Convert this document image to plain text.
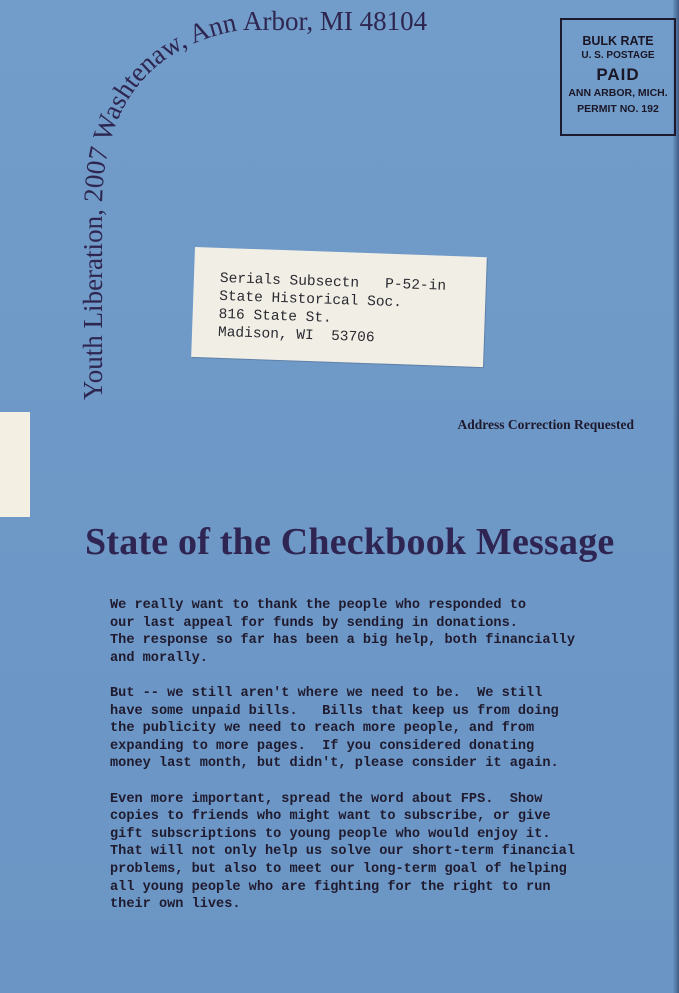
Youth Liberation, 2007 Washtenaw, Ann Arbor, MI 48104
BULK RATE
U. S. POSTAGE
PAID
ANN ARBOR, MICH.
PERMIT NO. 192
Serials Subsectn   P-52-in
State Historical Soc.
816 State St.
Madison, WI  53706
Address Correction Requested
State of the Checkbook Message
We really want to thank the people who responded to
our last appeal for funds by sending in donations.
The response so far has been a big help, both financially
and morally.
But -- we still aren't where we need to be.  We still
have some unpaid bills.   Bills that keep us from doing
the publicity we need to reach more people, and from
expanding to more pages.  If you considered donating
money last month, but didn't, please consider it again.
Even more important, spread the word about FPS.  Show
copies to friends who might want to subscribe, or give
gift subscriptions to young people who would enjoy it.
That will not only help us solve our short-term financial
problems, but also to meet our long-term goal of helping
all young people who are fighting for the right to run
their own lives.
